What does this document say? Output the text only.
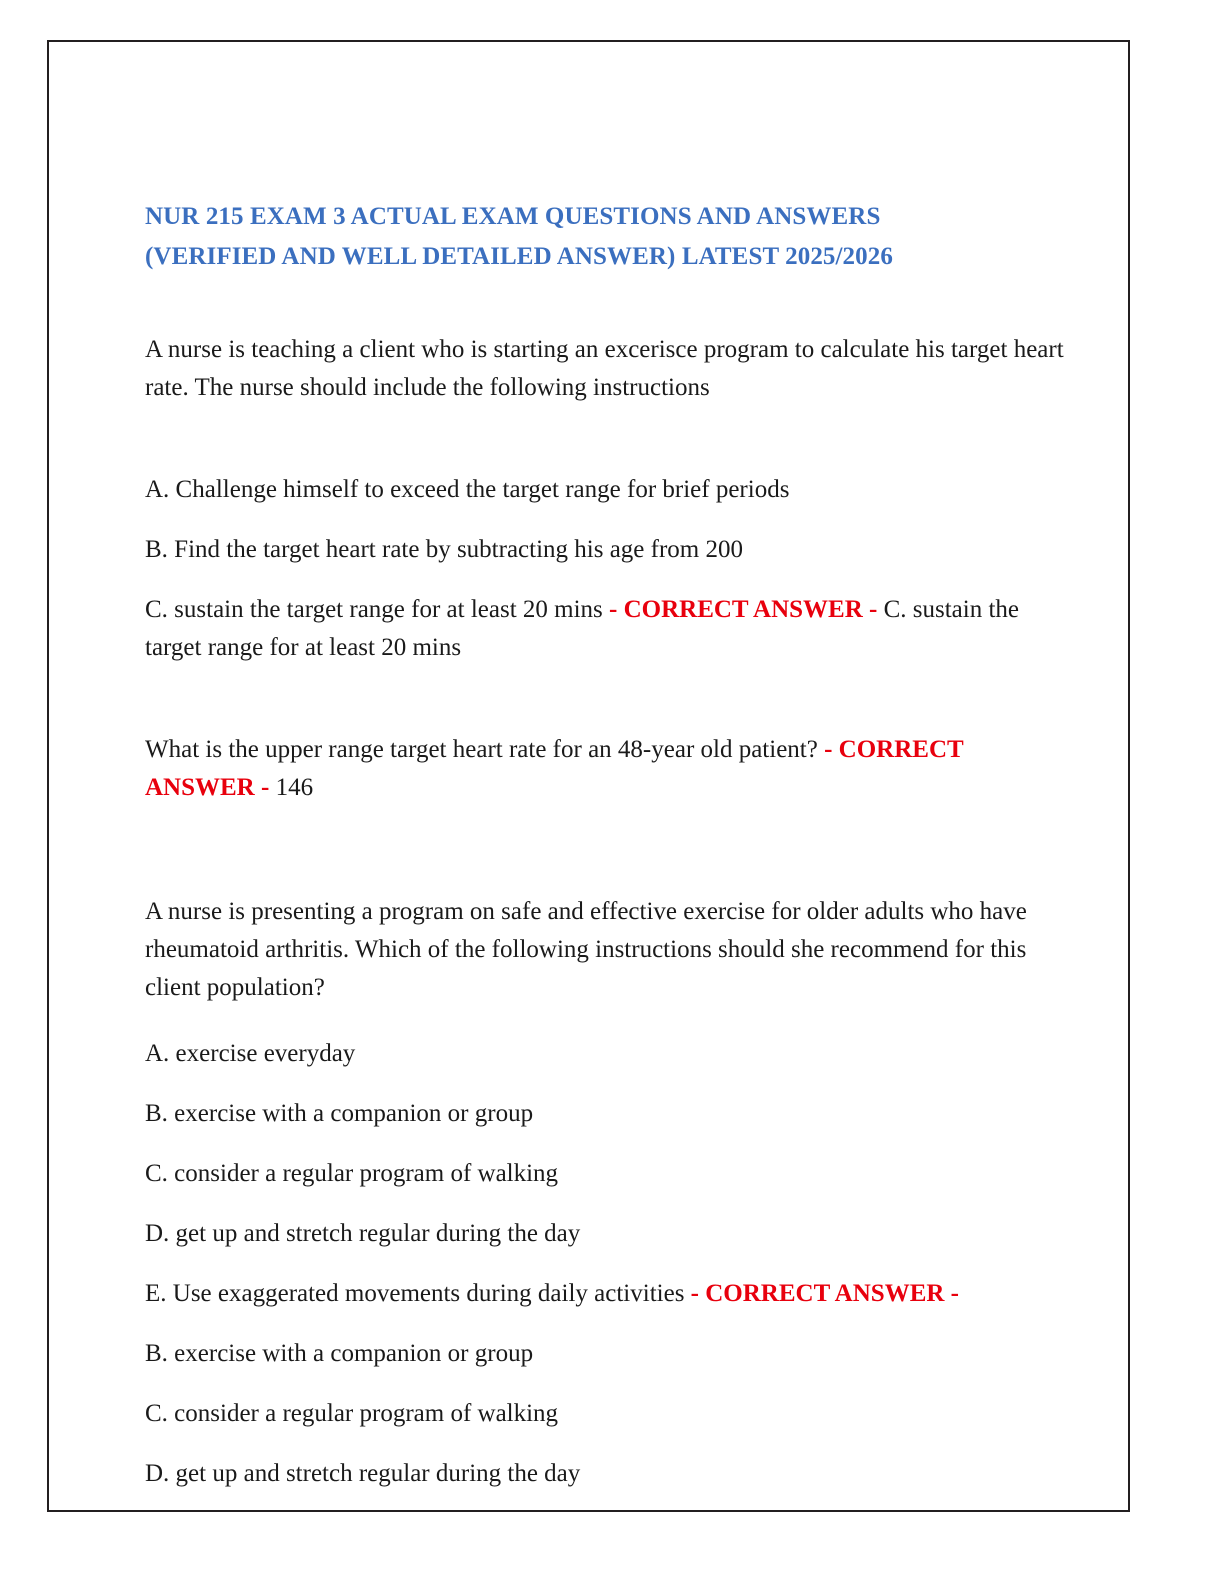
NUR 215 EXAM 3 ACTUAL EXAM QUESTIONS AND ANSWERS (VERIFIED AND WELL DETAILED ANSWER) LATEST 2025/2026

A nurse is teaching a client who is starting an excerisce program to calculate his target heart rate. The nurse should include the following instructions

A. Challenge himself to exceed the target range for brief periods

B. Find the target heart rate by subtracting his age from 200

C. sustain the target range for at least 20 mins - CORRECT ANSWER - C. sustain the target range for at least 20 mins

What is the upper range target heart rate for an 48-year old patient? - CORRECT ANSWER - 146

A nurse is presenting a program on safe and effective exercise for older adults who have rheumatoid arthritis. Which of the following instructions should she recommend for this client population?

A. exercise everyday

B. exercise with a companion or group

C. consider a regular program of walking

D. get up and stretch regular during the day

E. Use exaggerated movements during daily activities - CORRECT ANSWER -

B. exercise with a companion or group

C. consider a regular program of walking

D. get up and stretch regular during the day
